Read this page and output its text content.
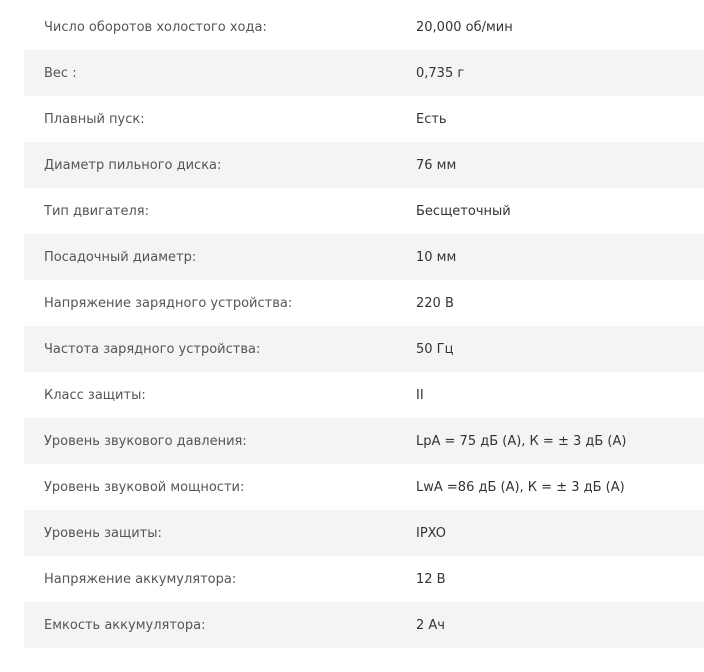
Число оборотов холостого хода:	20,000 об/мин
Вес :	0,735 г
Плавный пуск:	Есть
Диаметр пильного диска:	76 мм
Тип двигателя:	Бесщеточный
Посадочный диаметр:	10 мм
Напряжение зарядного устройства:	220 В
Частота зарядного устройства:	50 Гц
Класс защиты:	II
Уровень звукового давления:	LpA = 75 дБ (А), К = ± 3 дБ (А)
Уровень звуковой мощности:	LwA =86 дБ (А), К = ± 3 дБ (А)
Уровень защиты:	IPXO
Напряжение аккумулятора:	12 В
Емкость аккумулятора:	2 Ач
